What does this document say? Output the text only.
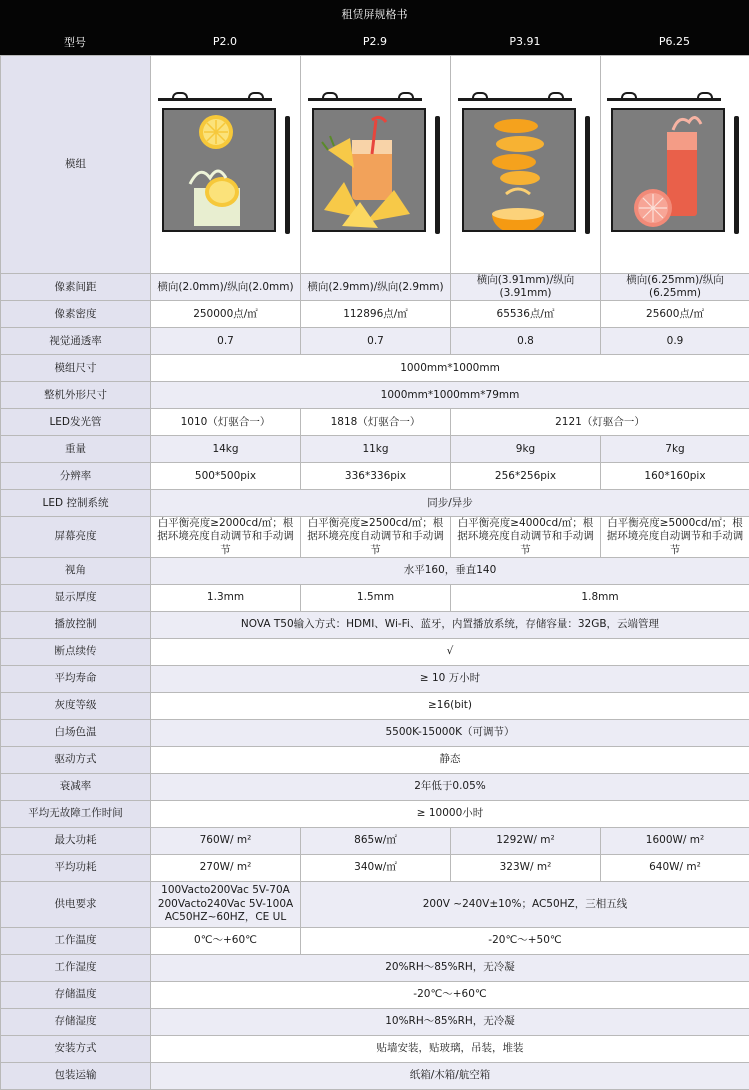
租赁屏规格书
型号	P2.0	P2.9	P3.91	P6.25
模组	

像素间距	横向(2.0mm)/纵向(2.0mm)	横向(2.9mm)/纵向(2.9mm)	横向(3.91mm)/纵向(3.91mm)	横向(6.25mm)/纵向(6.25mm)
像素密度	250000点/㎡	112896点/㎡	65536点/㎡	25600点/㎡
视觉通透率	0.7	0.7	0.8	0.9
模组尺寸	1000mm*1000mm			
整机外形尺寸	1000mm*1000mm*79mm			
LED发光管	1010（灯驱合一）	1818（灯驱合一）	2121（灯驱合一）	
重量	14kg	11kg	9kg	7kg
分辨率	500*500pix	336*336pix	256*256pix	160*160pix
LED 控制系统	同步/异步			
屏幕亮度	白平衡亮度≥2000cd/㎡；根据环境亮度自动调节和手动调节	白平衡亮度≥2500cd/㎡；根据环境亮度自动调节和手动调节	白平衡亮度≥4000cd/㎡；根据环境亮度自动调节和手动调节	白平衡亮度≥5000cd/㎡；根据环境亮度自动调节和手动调节
视角	水平160，垂直140			
显示厚度	1.3mm	1.5mm	1.8mm	
播放控制	NOVA T50输入方式：HDMI、Wi-Fi、蓝牙，内置播放系统，存储容量：32GB，云端管理			
断点续传	√			
平均寿命	≥ 10 万小时			
灰度等级	≥16(bit)			
白场色温	5500K-15000K（可调节）			
驱动方式	静态			
衰减率	2年低于0.05%			
平均无故障工作时间	≥ 10000小时			
最大功耗	760W/ m²	865w/㎡	1292W/ m²	1600W/ m²
平均功耗	270W/ m²	340w/㎡	323W/ m²	640W/ m²
供电要求	100Vacto200Vac 5V-70A
200Vacto240Vac 5V-100A
AC50HZ~60HZ，CE UL	200V ~240V±10%；AC50HZ，三相五线		
工作温度	0℃～+60℃	-20℃～+50℃		
工作湿度	20%RH～85%RH，无冷凝			
存储温度	-20℃～+60℃			
存储湿度	10%RH～85%RH，无冷凝			
安装方式	贴墙安装，贴玻璃，吊装，堆装			
包装运输	纸箱/木箱/航空箱			
